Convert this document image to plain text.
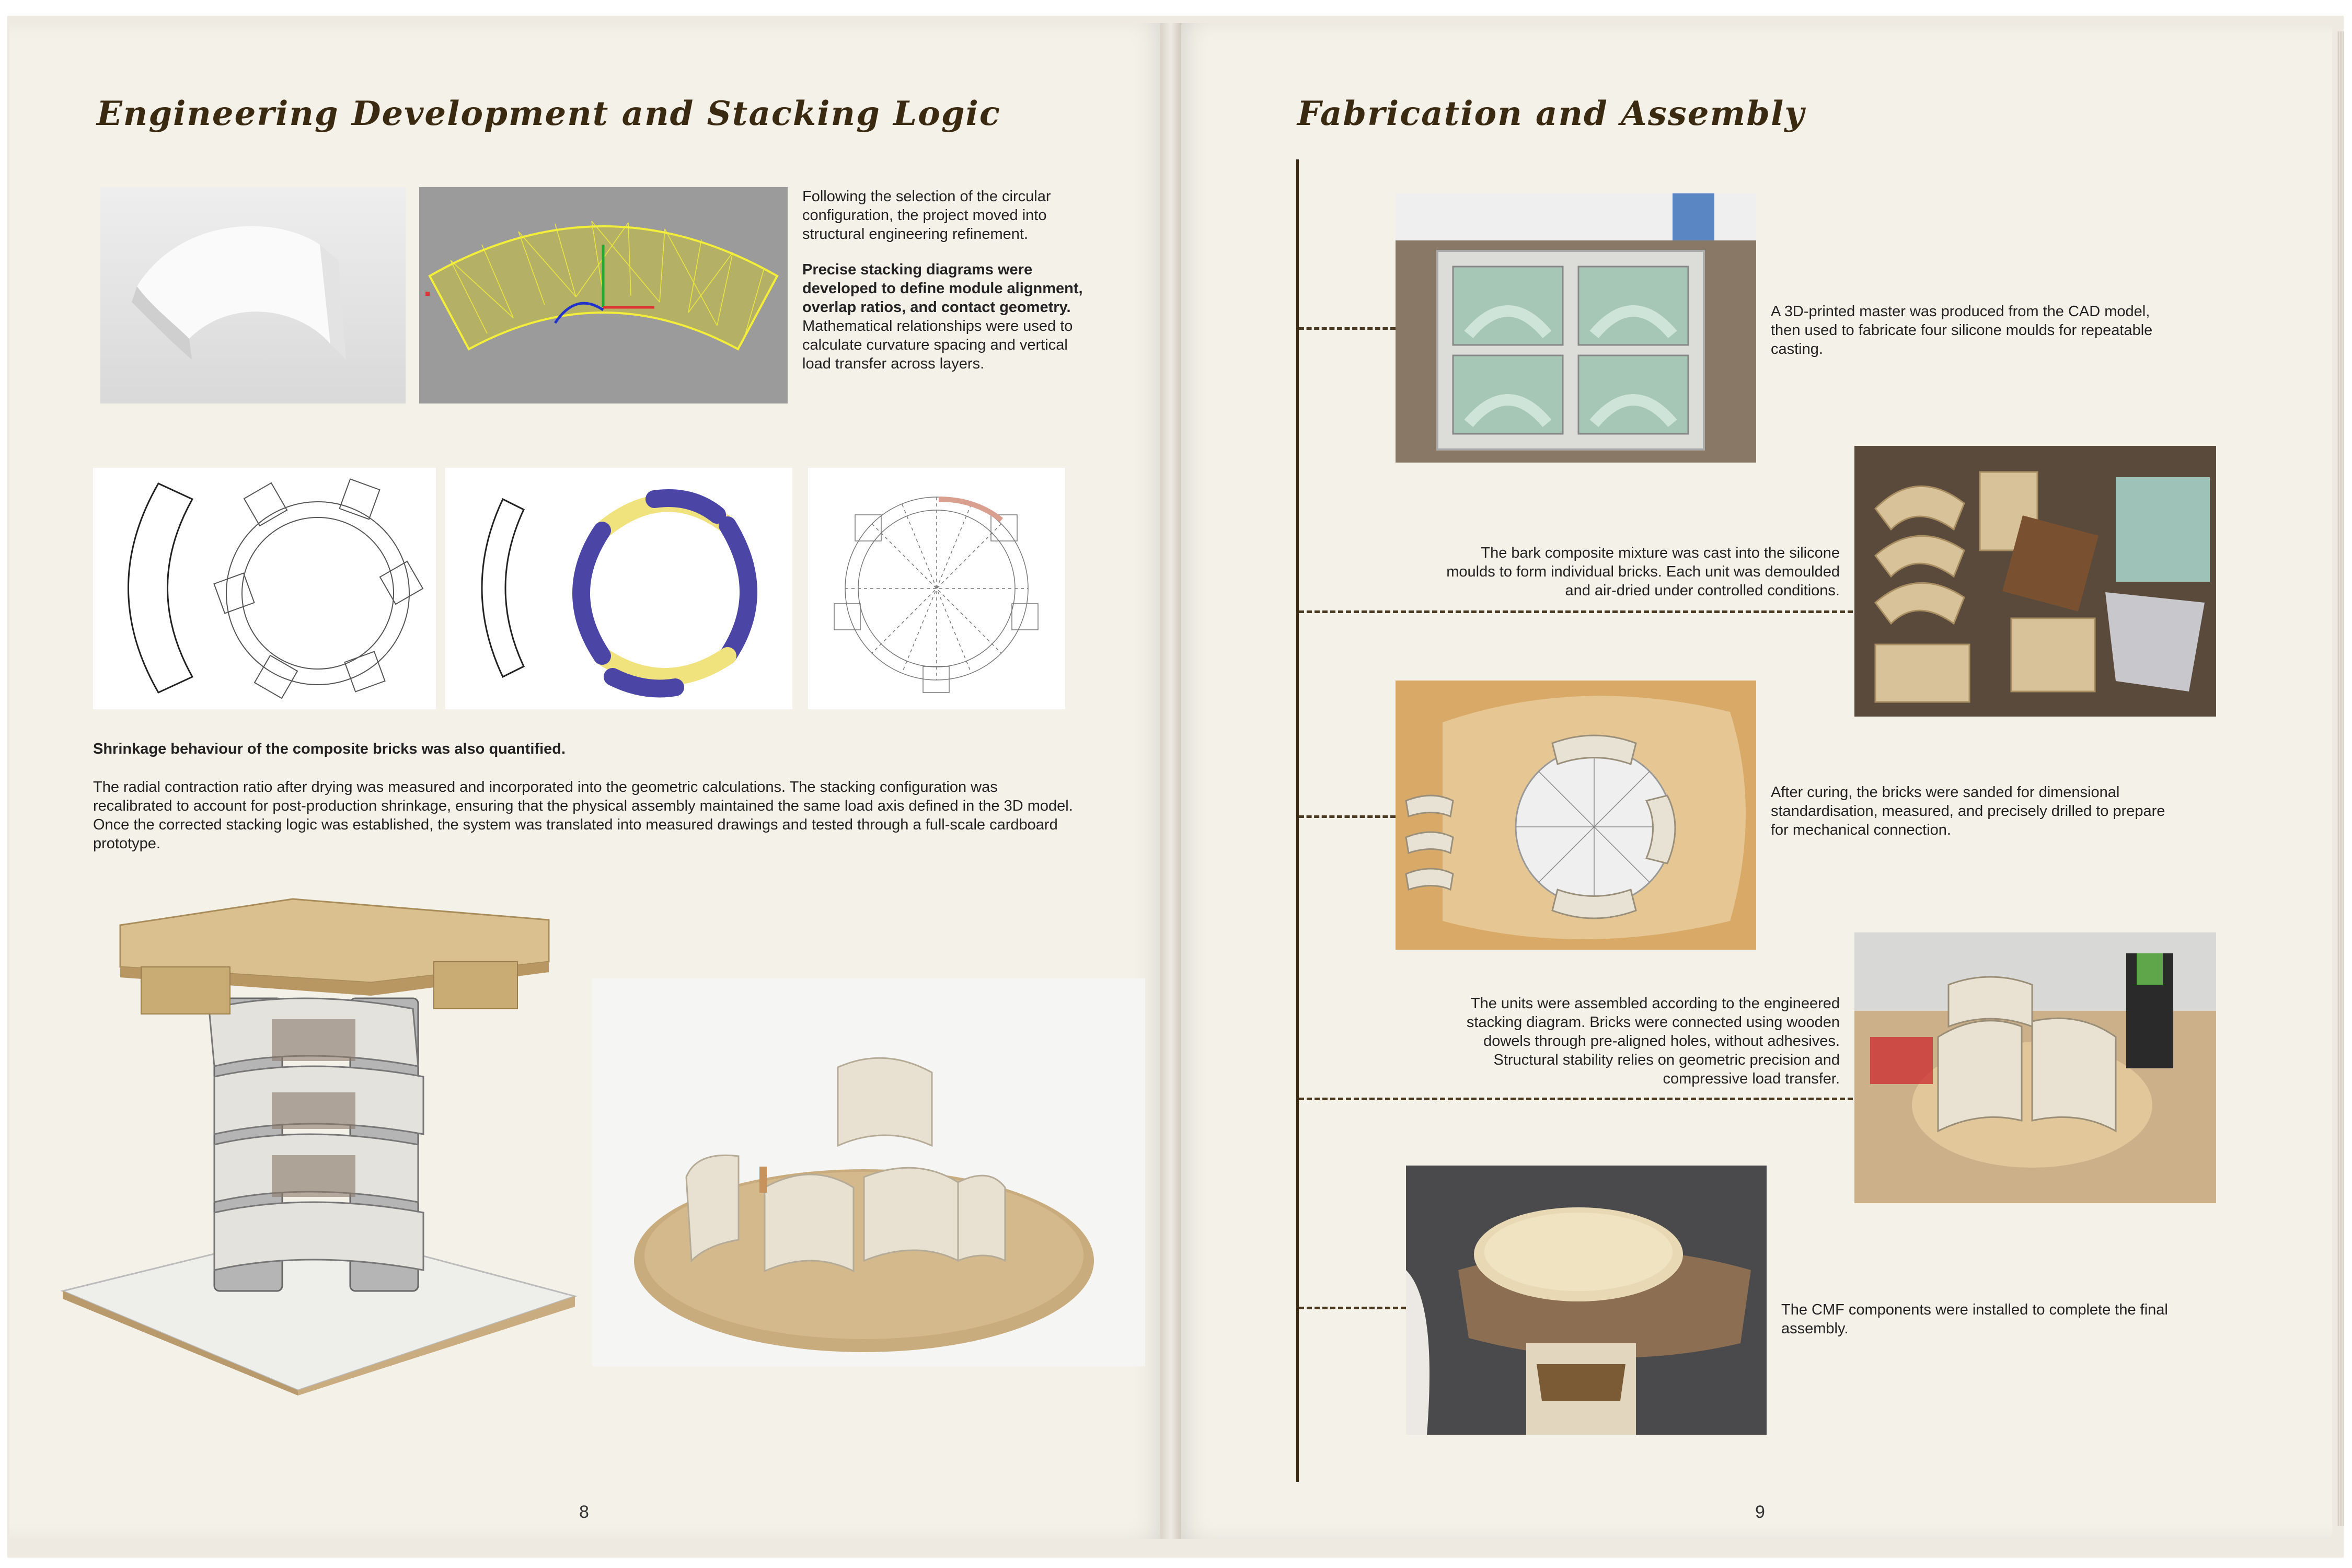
Engineering Development and Stacking Logic
Following the selection of the circular configuration, the project moved into structural engineering refinement.
Precise stacking diagrams were developed to define module alignment, overlap ratios, and contact geometry. Mathematical relationships were used to calculate curvature spacing and vertical load transfer across layers.
Shrinkage behaviour of the composite bricks was also quantified.
The radial contraction ratio after drying was measured and incorporated into the geometric calculations. The stacking configuration was recalibrated to account for post-production shrinkage, ensuring that the physical assembly maintained the same load axis defined in the 3D model. Once the corrected stacking logic was established, the system was translated into measured drawings and tested through a full-scale cardboard prototype.
8
Fabrication and Assembly
A 3D-printed master was produced from the CAD model, then used to fabricate four silicone moulds for repeatable casting.
The bark composite mixture was cast into the silicone moulds to form individual bricks. Each unit was demoulded and air-dried under controlled conditions.
After curing, the bricks were sanded for dimensional standardisation, measured, and precisely drilled to prepare for mechanical connection.
The units were assembled according to the engineered stacking diagram. Bricks were connected using wooden dowels through pre-aligned holes, without adhesives. Structural stability relies on geometric precision and compressive load transfer.
The CMF components were installed to complete the final assembly.
9
